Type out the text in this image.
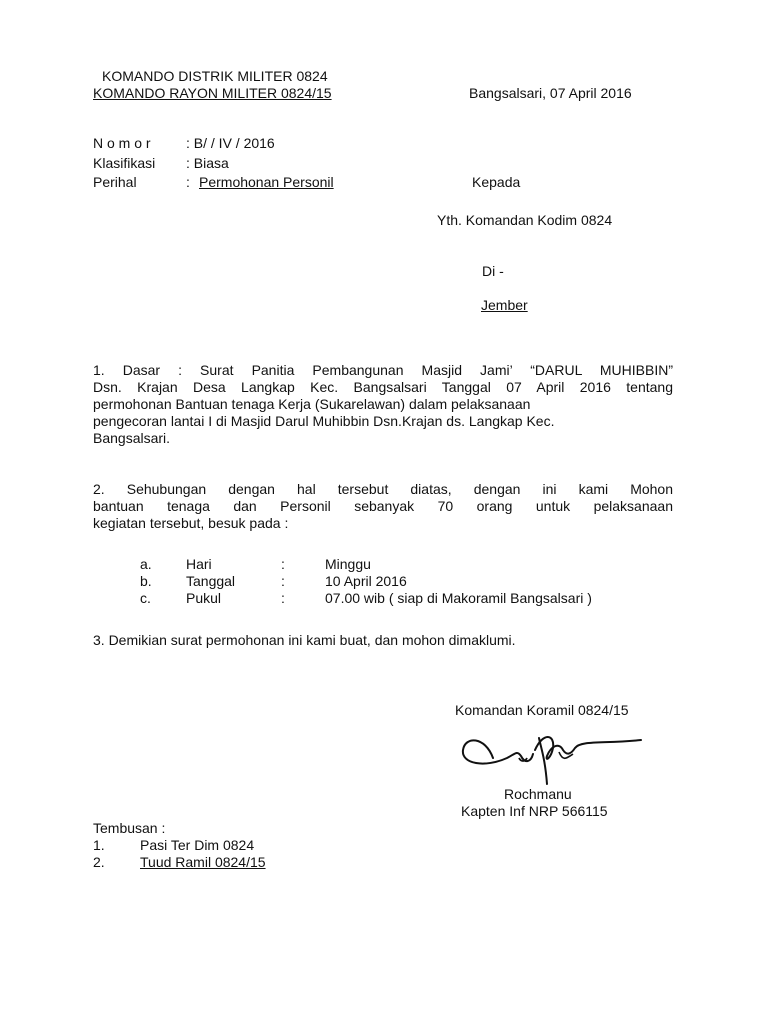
KOMANDO DISTRIK MILITER 0824
KOMANDO RAYON MILITER 0824/15	Bangsalsari, 07 April 2016
N o m o r	: B/ / IV / 2016
Klasifikasi : Biasa
Perihal	: Permohonan Personil	Kepada
Yth. Komandan Kodim 0824
Di -
Jember
1. Dasar : Surat Panitia Pembangunan Masjid Jami’ “DARUL MUHIBBIN”
Dsn. Krajan Desa Langkap Kec. Bangsalsari Tanggal 07 April 2016 tentang
permohonan Bantuan tenaga Kerja (Sukarelawan) dalam pelaksanaan
pengecoran lantai I di Masjid Darul Muhibbin Dsn.Krajan ds. Langkap Kec.
Bangsalsari.
2. Sehubungan dengan hal tersebut diatas, dengan ini kami Mohon
bantuan tenaga dan Personil sebanyak 70 orang untuk pelaksanaan
kegiatan tersebut, besuk pada :
a. Hari	:	Minggu
b. Tanggal	:	10 April 2016
c.	Pukul	:	07.00 wib ( siap di Makoramil Bangsalsari )
3. Demikian surat permohonan ini kami buat, dan mohon dimaklumi.
Komandan Koramil 0824/15
Rochmanu
Kapten Inf NRP 566115
Tembusan :
1.	Pasi Ter Dim 0824
2.	Tuud Ramil 0824/15
